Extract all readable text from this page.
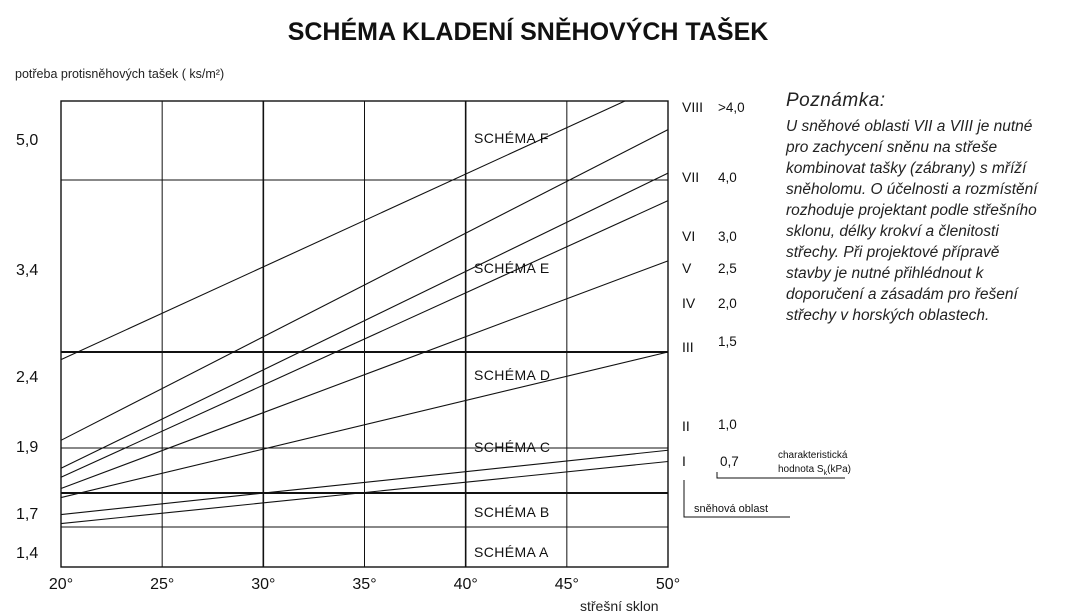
SCHÉMA KLADENÍ SNĚHOVÝCH TAŠEK
potřeba protisněhových tašek ( ks/m²)
střešní sklon
SCHÉMA F
SCHÉMA E
SCHÉMA D
SCHÉMA C
SCHÉMA B
SCHÉMA A
VIII >4,0
VII 4,0
VI 3,0
V 2,5
IV 2,0
III 1,5
II 1,0
I	0,7
20°	25°	30°	35°	40°	45°	50°
5,0
3,4
2,4
1,9
1,7
1,4
charakteristická
hodnota $S_k(kPa)$
sněhová oblast
Poznámka:
U sněhové oblasti VII a VIII je nutné pro zachycení sněnu na střeše kombinovat tašky (zábrany) s mříží sněholomu. O účelnosti a rozmístění rozhoduje projektant podle střešního sklonu, délky krokví a členitosti střechy. Při projektové přípravě stavby je nutné přihlédnout k doporučení a zásadám pro řešení střechy v horských oblastech.
